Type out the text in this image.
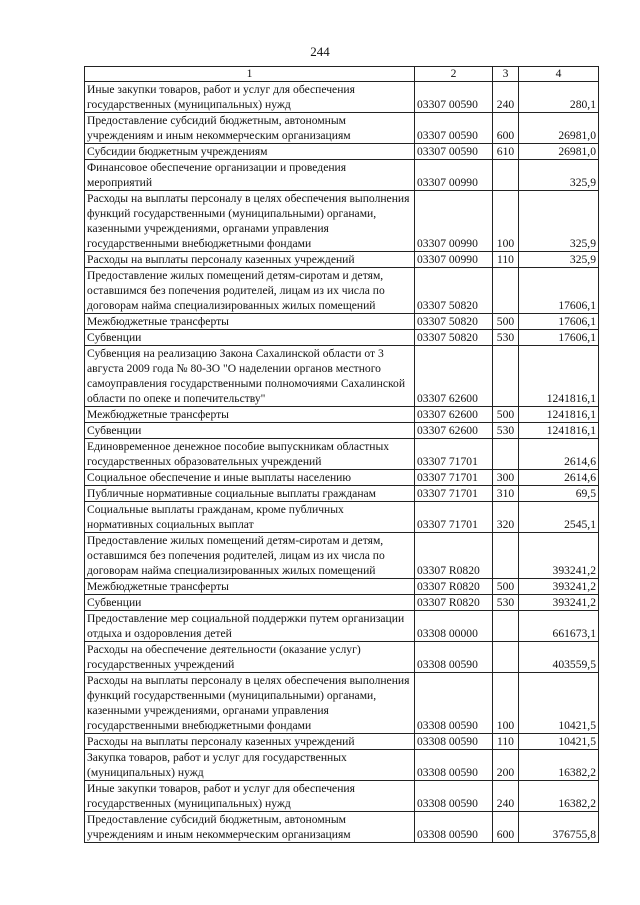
244
1	2	3	4
Иные закупки товаров, работ и услуг для обеспечения государственных (муниципальных) нужд	03307 00590	240	280,1
Предоставление субсидий бюджетным, автономным учреждениям и иным некоммерческим организациям	03307 00590	600	26981,0
Субсидии бюджетным учреждениям	03307 00590	610	26981,0
Финансовое обеспечение организации и проведения мероприятий	03307 00990		325,9
Расходы на выплаты персоналу в целях обеспечения выполнения функций государственными (муниципальными) органами, казенными учреждениями, органами управления государственными внебюджетными фондами	03307 00990	100	325,9
Расходы на выплаты персоналу казенных учреждений	03307 00990	110	325,9
Предоставление жилых помещений детям-сиротам и детям, оставшимся без попечения родителей, лицам из их числа по договорам найма специализированных жилых помещений	03307 50820		17606,1
Межбюджетные трансферты	03307 50820	500	17606,1
Субвенции	03307 50820	530	17606,1
Субвенция на реализацию Закона Сахалинской области от 3 августа 2009 года № 80-ЗО "О наделении органов местного самоуправления государственными полномочиями Сахалинской области по опеке и попечительству"	03307 62600		1241816,1
Межбюджетные трансферты	03307 62600	500	1241816,1
Субвенции	03307 62600	530	1241816,1
Единовременное денежное пособие выпускникам областных государственных образовательных учреждений	03307 71701		2614,6
Социальное обеспечение и иные выплаты населению	03307 71701	300	2614,6
Публичные нормативные социальные выплаты гражданам	03307 71701	310	69,5
Социальные выплаты гражданам, кроме публичных нормативных социальных выплат	03307 71701	320	2545,1
Предоставление жилых помещений детям-сиротам и детям, оставшимся без попечения родителей, лицам из их числа по договорам найма специализированных жилых помещений	03307 R0820		393241,2
Межбюджетные трансферты	03307 R0820	500	393241,2
Субвенции	03307 R0820	530	393241,2
Предоставление мер социальной поддержки путем организации отдыха и оздоровления детей	03308 00000		661673,1
Расходы на обеспечение деятельности (оказание услуг) государственных учреждений	03308 00590		403559,5
Расходы на выплаты персоналу в целях обеспечения выполнения функций государственными (муниципальными) органами, казенными учреждениями, органами управления государственными внебюджетными фондами	03308 00590	100	10421,5
Расходы на выплаты персоналу казенных учреждений	03308 00590	110	10421,5
Закупка товаров, работ и услуг для государственных (муниципальных) нужд	03308 00590	200	16382,2
Иные закупки товаров, работ и услуг для обеспечения государственных (муниципальных) нужд	03308 00590	240	16382,2
Предоставление субсидий бюджетным, автономным учреждениям и иным некоммерческим организациям	03308 00590	600	376755,8
